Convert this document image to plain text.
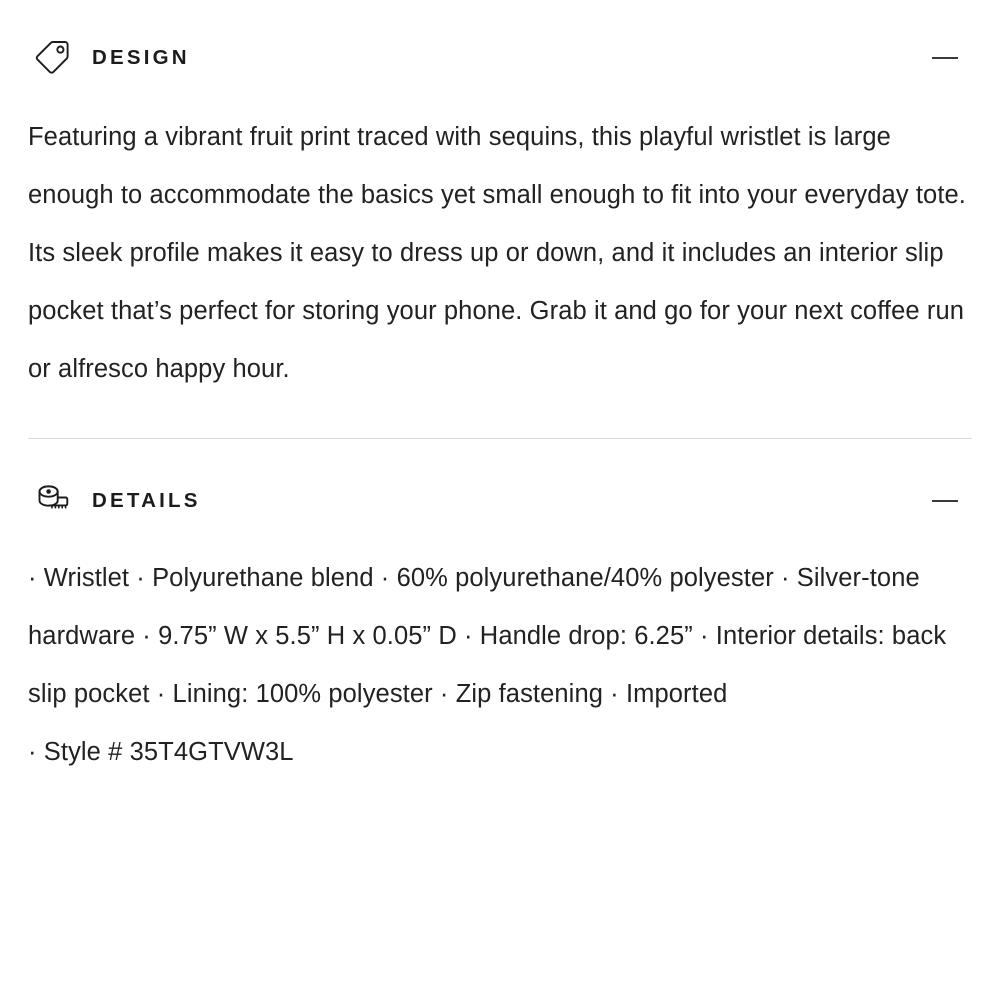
DESIGN
Featuring a vibrant fruit print traced with sequins, this playful wristlet is large enough to accommodate the basics yet small enough to fit into your everyday tote. Its sleek profile makes it easy to dress up or down, and it includes an interior slip pocket that’s perfect for storing your phone. Grab it and go for your next coffee run or alfresco happy hour.
DETAILS
· Wristlet · Polyurethane blend · 60% polyurethane/40% polyester · Silver-tone hardware · 9.75” W x 5.5” H x 0.05” D · Handle drop: 6.25” · Interior details: back slip pocket · Lining: 100% polyester · Zip fastening · Imported
· Style # 35T4GTVW3L
